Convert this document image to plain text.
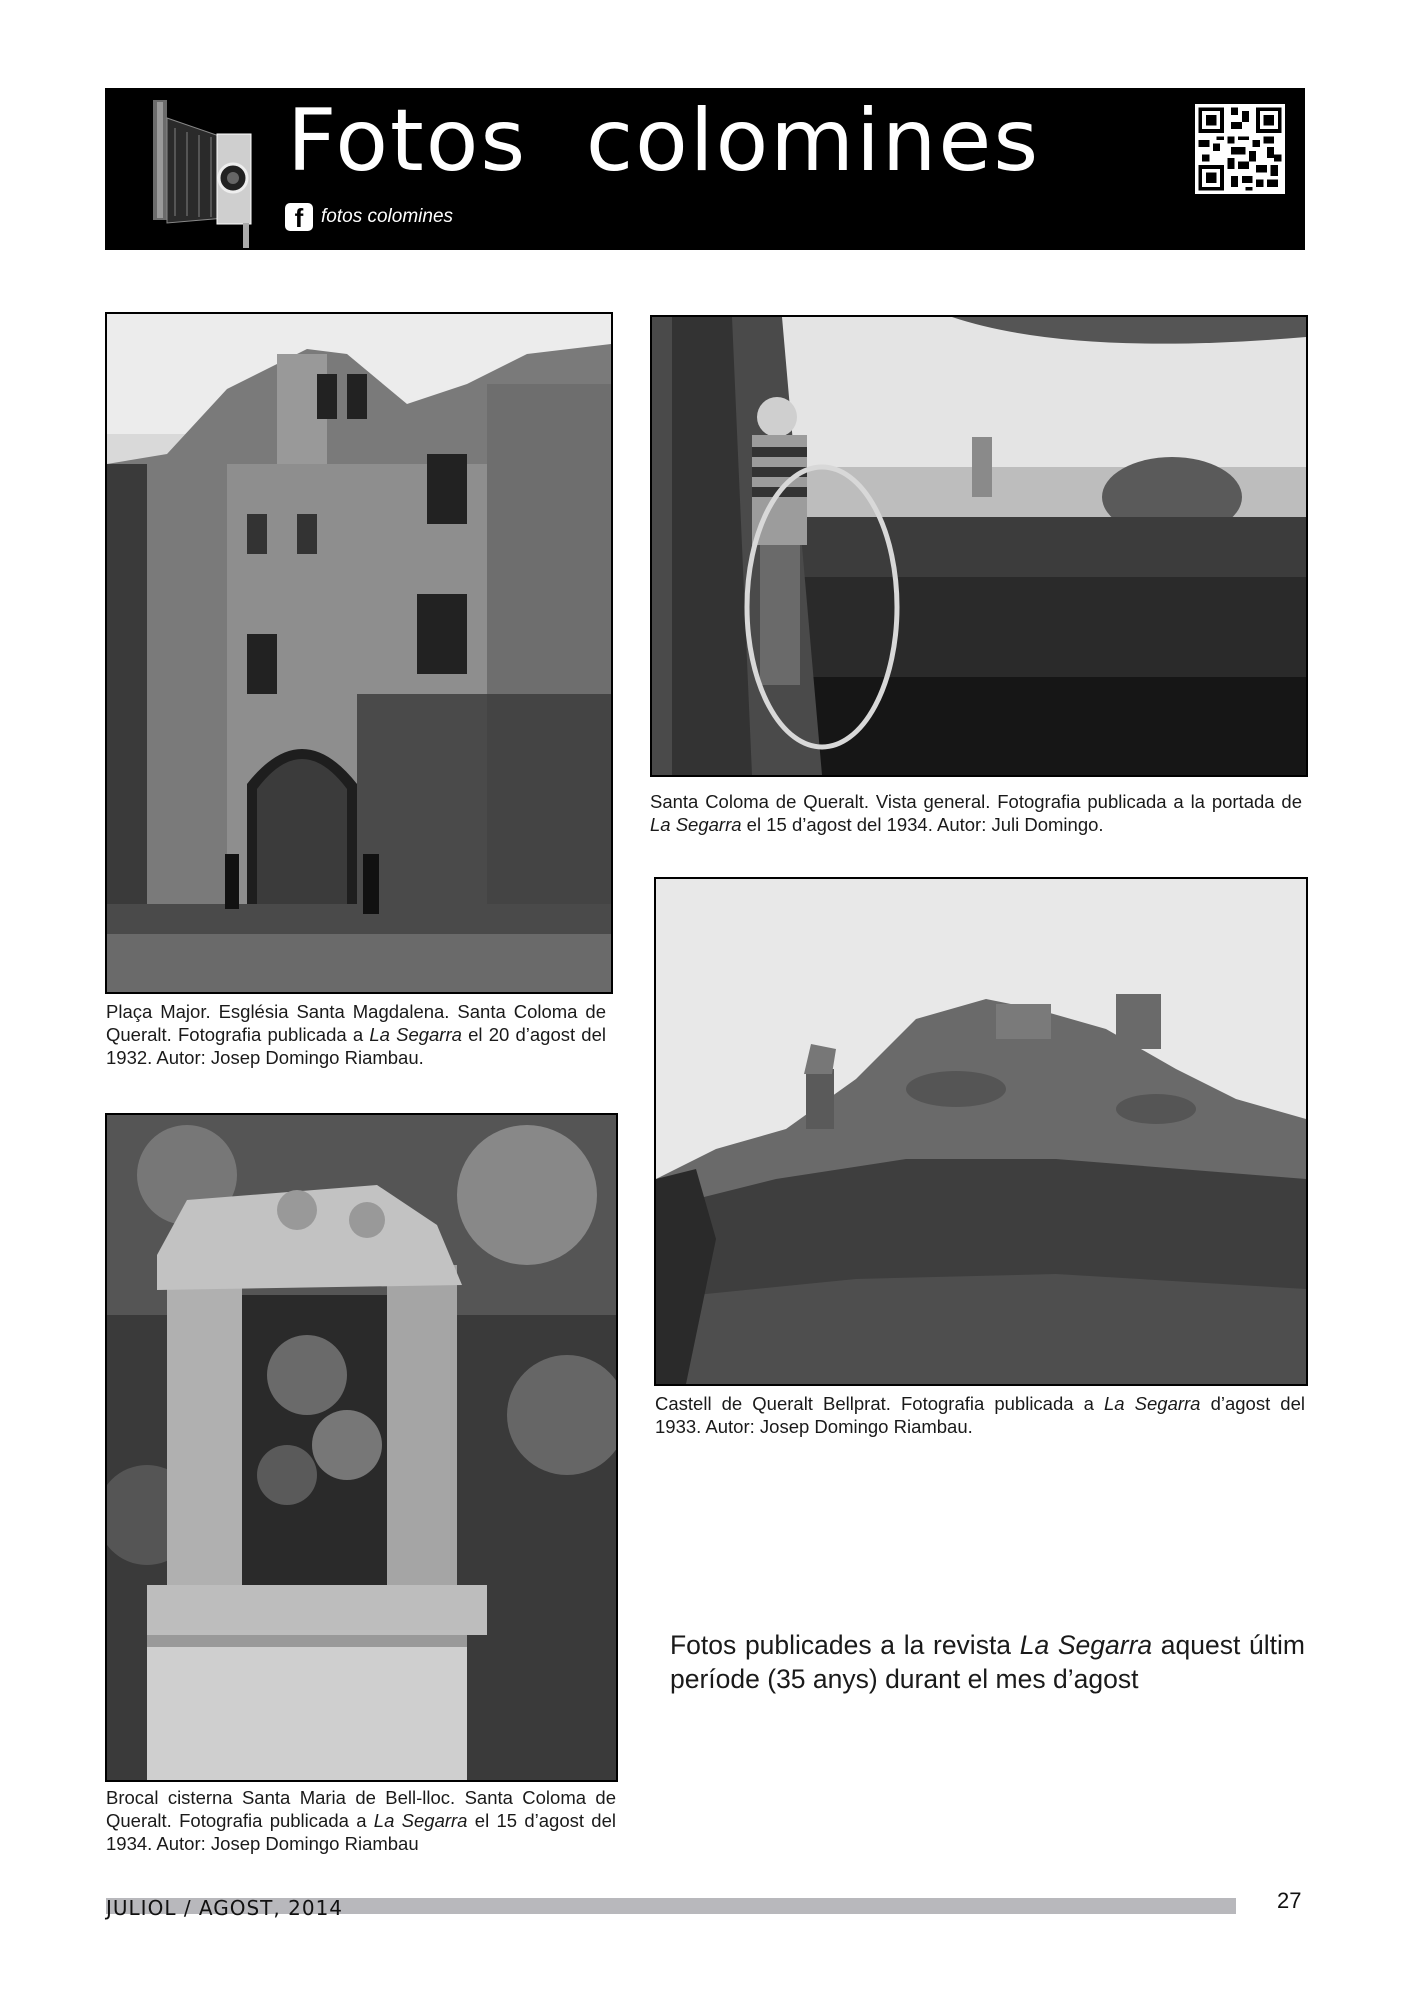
Fotos  colomines
f fotos colomines
Plaça Major. Església Santa Magdalena. Santa Coloma de Queralt. Fotografia publicada a La Segarra el 20 d’agost del 1932. Autor: Josep Domingo Riambau.
Santa Coloma de Queralt. Vista general. Fotografia publicada a la portada de La Segarra el 15 d’agost del 1934. Autor: Juli Domingo.
Castell de Queralt Bellprat. Fotografia publicada a La Segarra d’agost del 1933. Autor: Josep Domingo Riambau.
Brocal cisterna Santa Maria de Bell-lloc. Santa Coloma de Queralt. Fotografia publicada a La Segarra el 15 d’agost del 1934. Autor: Josep Domingo Riambau
Fotos publicades a la revista La Segarra aquest últim període (35 anys) durant el mes d’agost
JULIOL / AGOST, 2014	27
